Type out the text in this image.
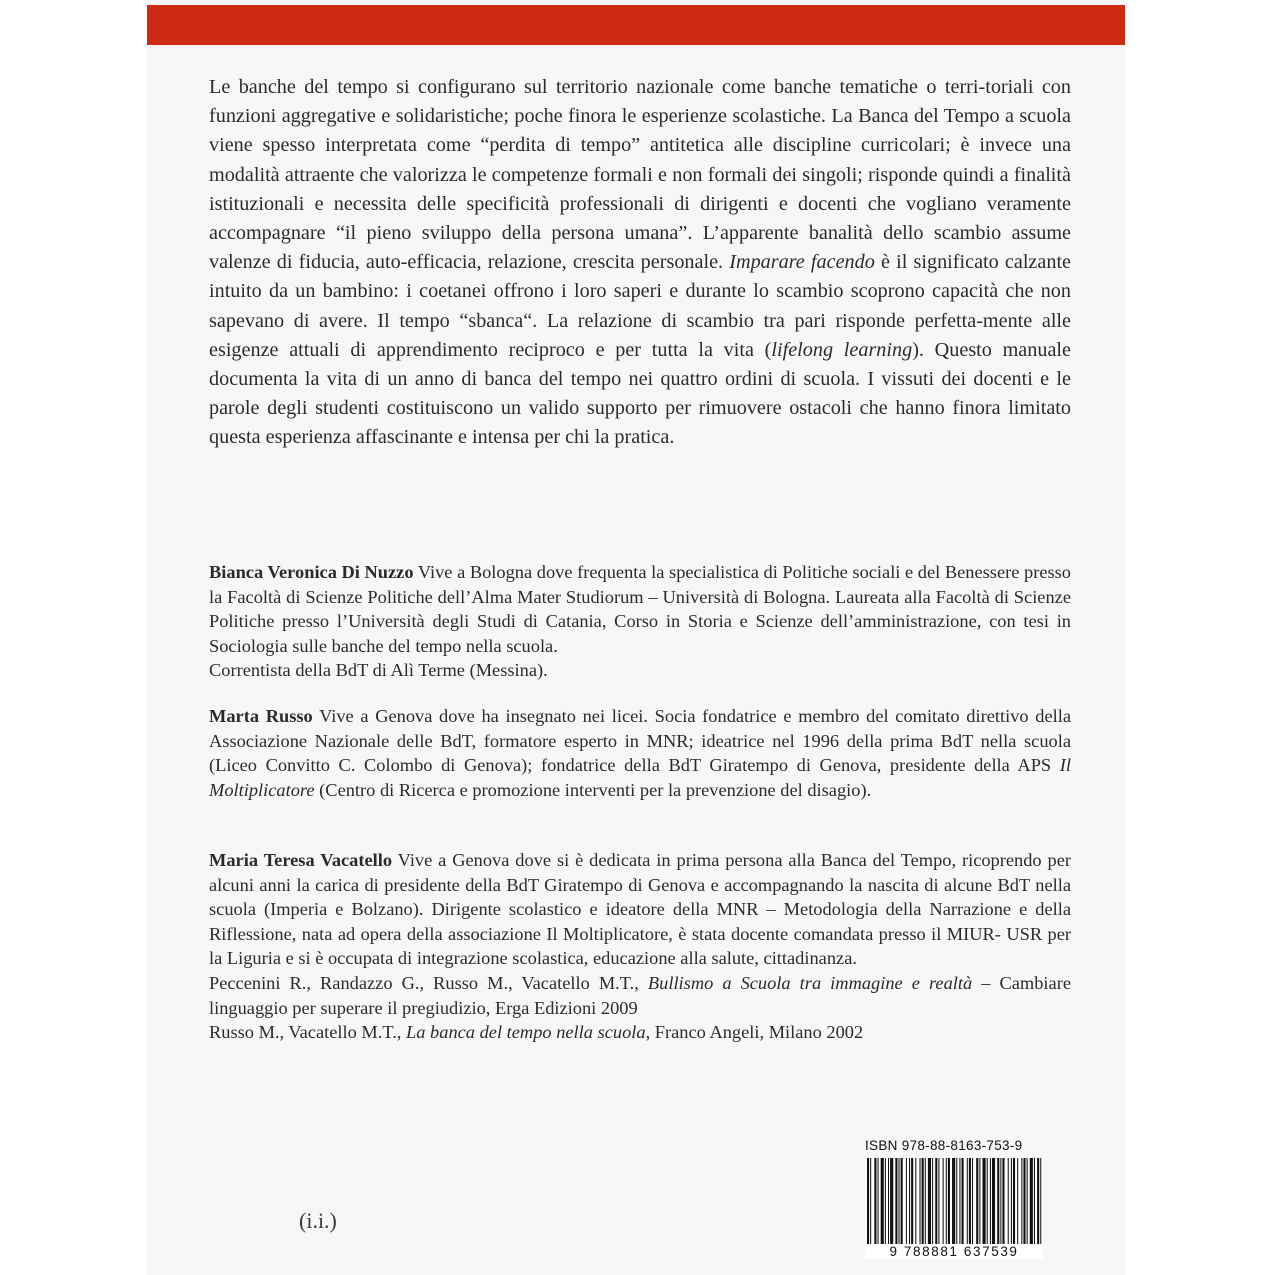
Le banche del tempo si configurano sul territorio nazionale come banche tematiche o terri-toriali con funzioni aggregative e solidaristiche; poche finora le esperienze scolastiche. La Banca del Tempo a scuola viene spesso interpretata come “perdita di tempo” antitetica alle discipline curricolari; è invece una modalità attraente che valorizza le competenze formali e non formali dei singoli; risponde quindi a finalità istituzionali e necessita delle specificità professionali di dirigenti e docenti che vogliano veramente accompagnare “il pieno sviluppo della persona umana”. L’apparente banalità dello scambio assume valenze di fiducia, auto-efficacia, relazione, crescita personale. Imparare facendo è il significato calzante intuito da un bambino: i coetanei offrono i loro saperi e durante lo scambio scoprono capacità che non sapevano di avere. Il tempo “sbanca“. La relazione di scambio tra pari risponde perfetta-mente alle esigenze attuali di apprendimento reciproco e per tutta la vita (lifelong learning). Questo manuale documenta la vita di un anno di banca del tempo nei quattro ordini di scuola. I vissuti dei docenti e le parole degli studenti costituiscono un valido supporto per rimuovere ostacoli che hanno finora limitato questa esperienza affascinante e intensa per chi la pratica.
Bianca Veronica Di Nuzzo Vive a Bologna dove frequenta la specialistica di Politiche sociali e del Benessere presso la Facoltà di Scienze Politiche dell’Alma Mater Studiorum – Università di Bologna. Laureata alla Facoltà di Scienze Politiche presso l’Università degli Studi di Catania, Corso in Storia e Scienze dell’amministrazione, con tesi in Sociologia sulle banche del tempo nella scuola.
Correntista della BdT di Alì Terme (Messina).
Marta Russo Vive a Genova dove ha insegnato nei licei. Socia fondatrice e membro del comitato direttivo della Associazione Nazionale delle BdT, formatore esperto in MNR; ideatrice nel 1996 della prima BdT nella scuola (Liceo Convitto C. Colombo di Genova); fondatrice della BdT Giratempo di Genova, presidente della APS Il Moltiplicatore (Centro di Ricerca e promozione interventi per la prevenzione del disagio).
Maria Teresa Vacatello Vive a Genova dove si è dedicata in prima persona alla Banca del Tempo, ricoprendo per alcuni anni la carica di presidente della BdT Giratempo di Genova e accompagnando la nascita di alcune BdT nella scuola (Imperia e Bolzano). Dirigente scolastico e ideatore della MNR – Metodologia della Narrazione e della Riflessione, nata ad opera della associazione Il Moltiplicatore, è stata docente comandata presso il MIUR- USR per la Liguria e si è occupata di integrazione scolastica, educazione alla salute, cittadinanza.

Peccenini R., Randazzo G., Russo M., Vacatello M.T., Bullismo a Scuola tra immagine e realtà – Cambiare linguaggio per superare il pregiudizio, Erga Edizioni 2009

Russo M., Vacatello M.T., La banca del tempo nella scuola, Franco Angeli, Milano 2002

(i.i.)
ISBN 978-88-8163-753-9
9 788881 637539
